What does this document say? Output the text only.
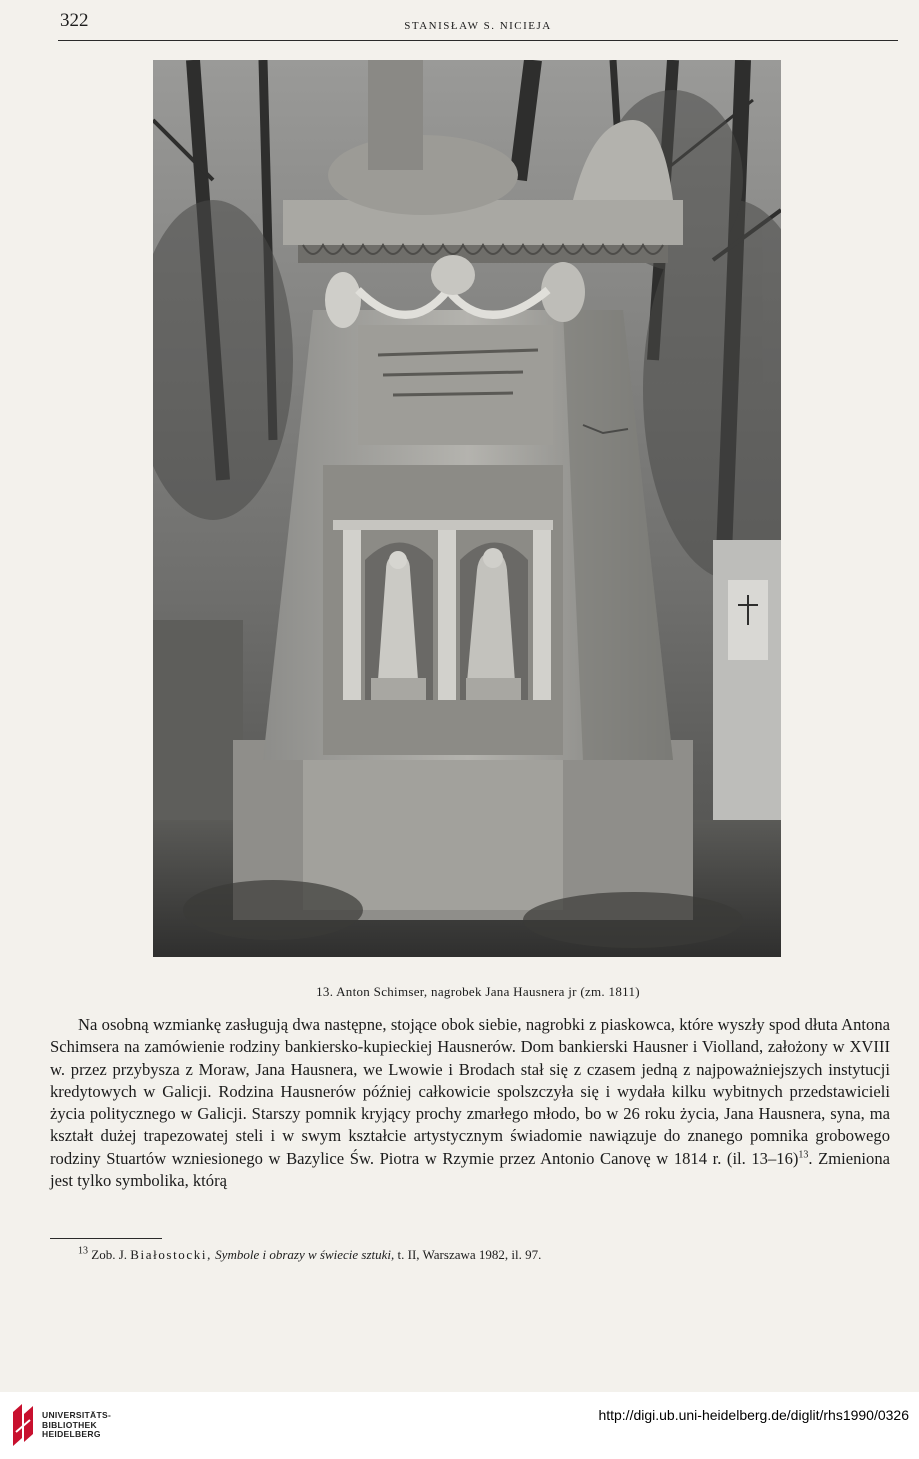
322	STANISŁAW S. NICIEJA
13. Anton Schimser, nagrobek Jana Hausnera jr (zm. 1811)

Na osobną wzmiankę zasługują dwa następne, stojące obok siebie, nagrobki z piaskowca, które wyszły spod dłuta Antona Schimsera na zamówienie rodziny bankiersko-kupieckiej Hausnerów. Dom bankierski Hausner i Violland, założony w XVIII w. przez przybysza z Moraw, Jana Hausnera, we Lwowie i Brodach stał się z czasem jedną z najpoważniejszych instytucji kredytowych w Galicji. Rodzina Hausnerów później całkowicie spolszczyła się i wydała kilku wybitnych przedstawicieli życia politycznego w Galicji. Starszy pomnik kryjący prochy zmarłego młodo, bo w 26 roku życia, Jana Hausnera, syna, ma kształt dużej trapezowatej steli i w swym kształcie artystycznym świadomie nawiązuje do znanego pomnika grobowego rodziny Stuartów wzniesionego w Bazylice Św. Piotra w Rzymie przez Antonio Canovę w 1814 r. (il. 13–16)$^{13}$. Zmieniona jest tylko symbolika, którą

$^{13}$ Zob. J. Białostocki, Symbole i obrazy w świecie sztuki, t. II, Warszawa 1982, il. 97.
UNIVERSITÄTS-
BIBLIOTHEK
HEIDELBERG
http://digi.ub.uni-heidelberg.de/diglit/rhs1990/0326
